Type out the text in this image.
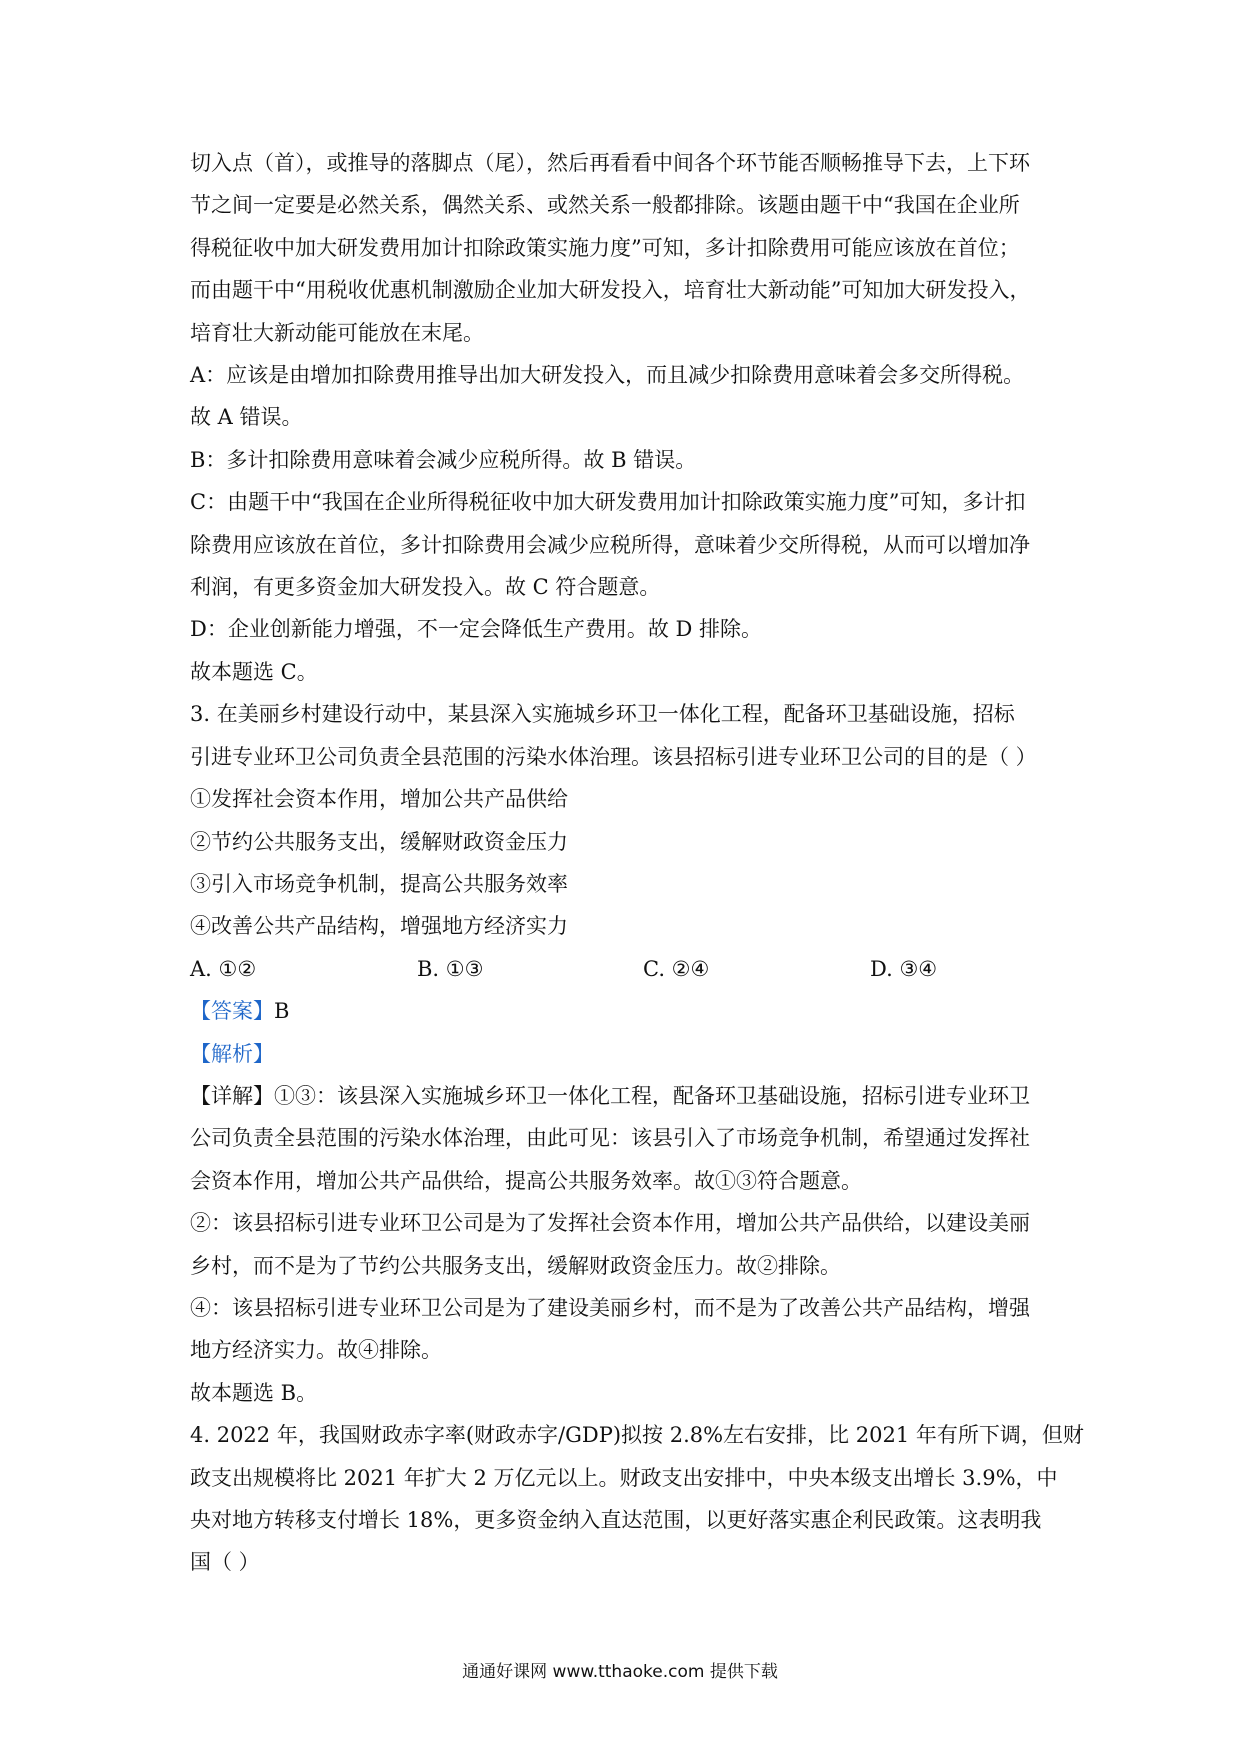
切入点（首），或推导的落脚点（尾），然后再看看中间各个环节能否顺畅推导下去，上下环
节之间一定要是必然关系，偶然关系、或然关系一般都排除。该题由题干中“我国在企业所
得税征收中加大研发费用加计扣除政策实施力度”可知，多计扣除费用可能应该放在首位；
而由题干中“用税收优惠机制激励企业加大研发投入，培育壮大新动能”可知加大研发投入，
培育壮大新动能可能放在末尾。
A：应该是由增加扣除费用推导出加大研发投入，而且减少扣除费用意味着会多交所得税。
故 A 错误。
B：多计扣除费用意味着会减少应税所得。故 B 错误。
C：由题干中“我国在企业所得税征收中加大研发费用加计扣除政策实施力度”可知，多计扣
除费用应该放在首位，多计扣除费用会减少应税所得，意味着少交所得税，从而可以增加净
利润，有更多资金加大研发投入。故 C 符合题意。
D：企业创新能力增强，不一定会降低生产费用。故 D 排除。
故本题选 C。
3. 在美丽乡村建设行动中，某县深入实施城乡环卫一体化工程，配备环卫基础设施，招标
引进专业环卫公司负责全县范围的污染水体治理。该县招标引进专业环卫公司的目的是（ ）
①发挥社会资本作用，增加公共产品供给
②节约公共服务支出，缓解财政资金压力
③引入市场竞争机制，提高公共服务效率
④改善公共产品结构，增强地方经济实力
A. ①②	B. ①③	C. ②④	D. ③④
【答案】B
【解析】
【详解】①③：该县深入实施城乡环卫一体化工程，配备环卫基础设施，招标引进专业环卫
公司负责全县范围的污染水体治理，由此可见：该县引入了市场竞争机制，希望通过发挥社
会资本作用，增加公共产品供给，提高公共服务效率。故①③符合题意。
②：该县招标引进专业环卫公司是为了发挥社会资本作用，增加公共产品供给，以建设美丽
乡村，而不是为了节约公共服务支出，缓解财政资金压力。故②排除。
④：该县招标引进专业环卫公司是为了建设美丽乡村，而不是为了改善公共产品结构，增强
地方经济实力。故④排除。
故本题选 B。
4. 2022 年，我国财政赤字率(财政赤字/GDP)拟按 2.8%左右安排，比 2021 年有所下调，但财
政支出规模将比 2021 年扩大 2 万亿元以上。财政支出安排中，中央本级支出增长 3.9%，中
央对地方转移支付增长 18%，更多资金纳入直达范围，以更好落实惠企利民政策。这表明我
国（ ）
通通好课网 www.tthaoke.com 提供下载
